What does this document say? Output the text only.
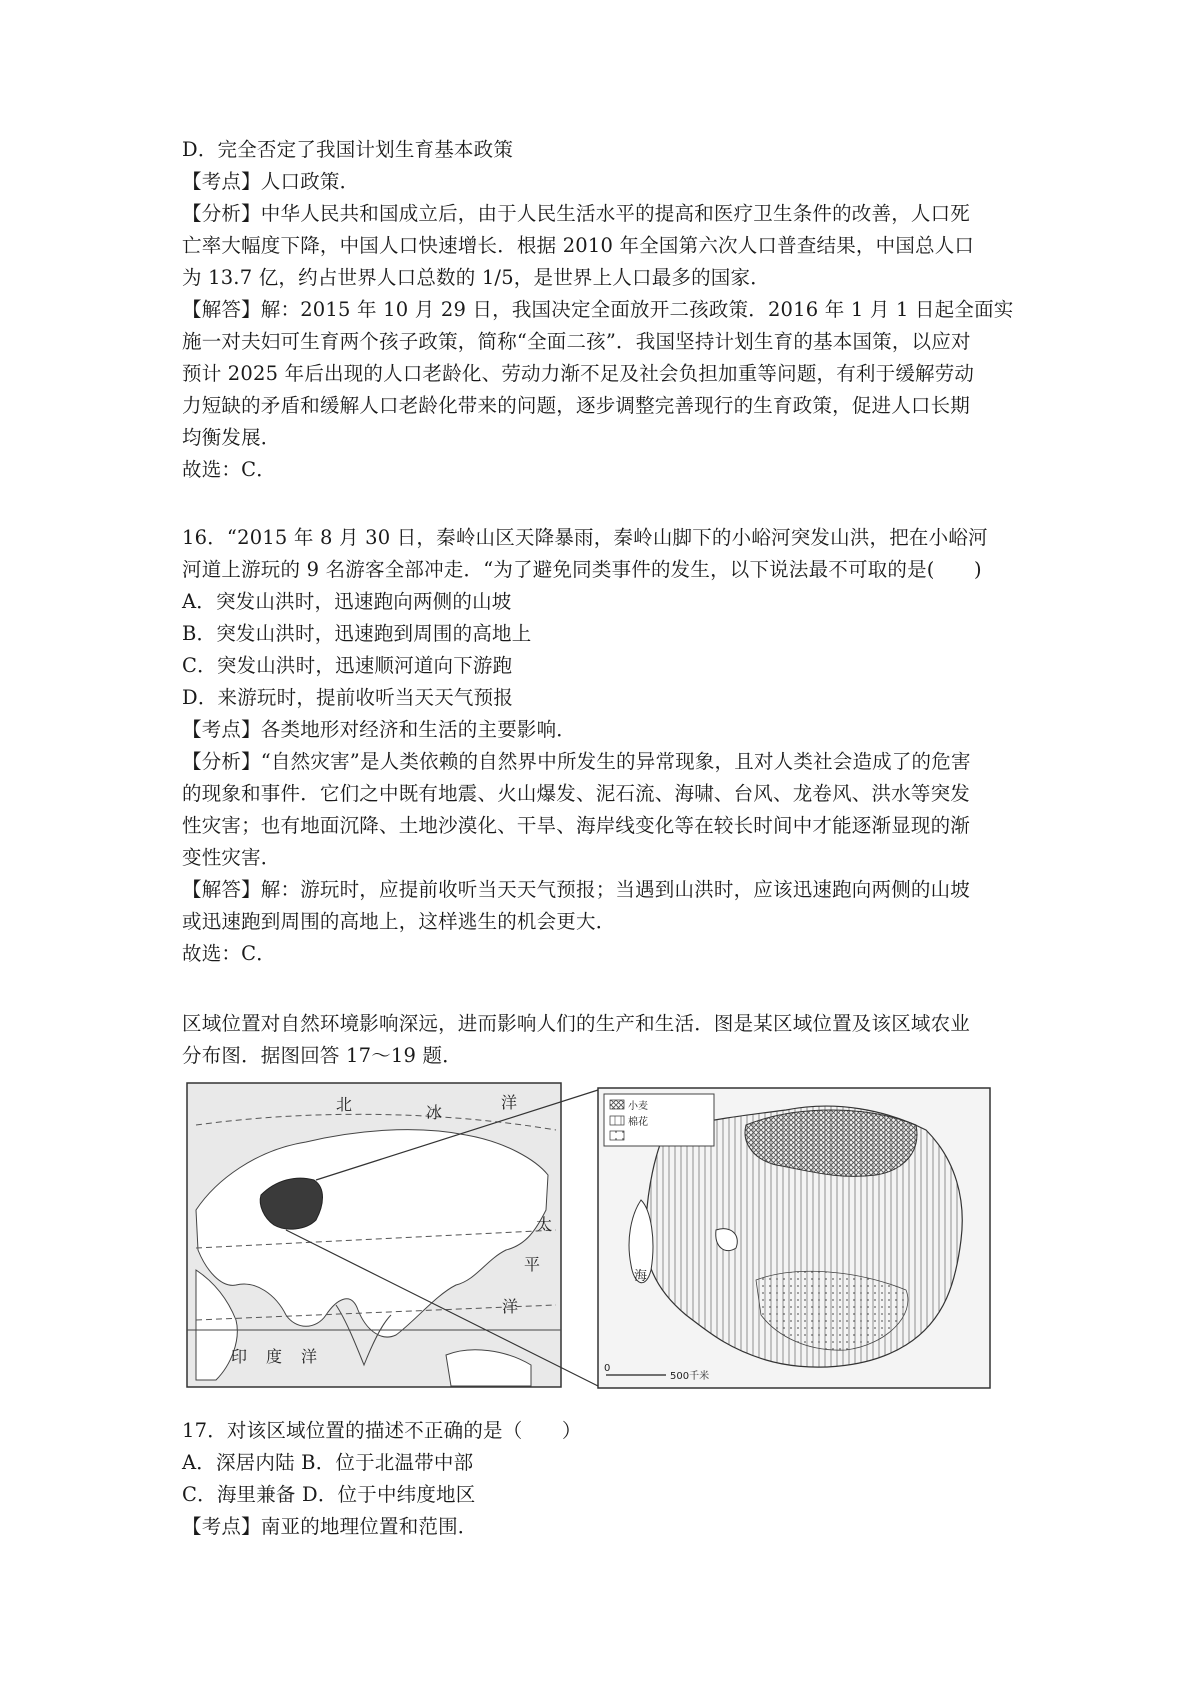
D．完全否定了我国计划生育基本政策
【考点】人口政策．
【分析】中华人民共和国成立后，由于人民生活水平的提高和医疗卫生条件的改善，人口死
亡率大幅度下降，中国人口快速增长．根据 2010 年全国第六次人口普查结果，中国总人口
为 13.7 亿，约占世界人口总数的 1/5，是世界上人口最多的国家．
【解答】解：2015 年 10 月 29 日，我国决定全面放开二孩政策．2016 年 1 月 1 日起全面实
施一对夫妇可生育两个孩子政策，简称“全面二孩”．我国坚持计划生育的基本国策，以应对
预计 2025 年后出现的人口老龄化、劳动力渐不足及社会负担加重等问题，有利于缓解劳动
力短缺的矛盾和缓解人口老龄化带来的问题，逐步调整完善现行的生育政策，促进人口长期
均衡发展．
故选：C．
16．“2015 年 8 月 30 日，秦岭山区天降暴雨，秦岭山脚下的小峪河突发山洪，把在小峪河
河道上游玩的 9 名游客全部冲走．“为了避免同类事件的发生，以下说法最不可取的是(　　)
A．突发山洪时，迅速跑向两侧的山坡
B．突发山洪时，迅速跑到周围的高地上
C．突发山洪时，迅速顺河道向下游跑
D．来游玩时，提前收听当天天气预报
【考点】各类地形对经济和生活的主要影响．
【分析】“自然灾害”是人类依赖的自然界中所发生的异常现象，且对人类社会造成了的危害
的现象和事件．它们之中既有地震、火山爆发、泥石流、海啸、台风、龙卷风、洪水等突发
性灾害；也有地面沉降、土地沙漠化、干旱、海岸线变化等在较长时间中才能逐渐显现的渐
变性灾害．
【解答】解：游玩时，应提前收听当天天气预报；当遇到山洪时，应该迅速跑向两侧的山坡
或迅速跑到周围的高地上，这样逃生的机会更大．
故选：C．
区域位置对自然环境影响深远，进而影响人们的生产和生活．图是某区域位置及该区域农业
分布图．据图回答 17～19 题．
北	冰
洋
太
平
洋
印 度 洋
小麦
棉花
海
0
500千米
17．对该区域位置的描述不正确的是（　　）
A．深居内陆 B．位于北温带中部
C．海里兼备 D．位于中纬度地区
【考点】南亚的地理位置和范围．
